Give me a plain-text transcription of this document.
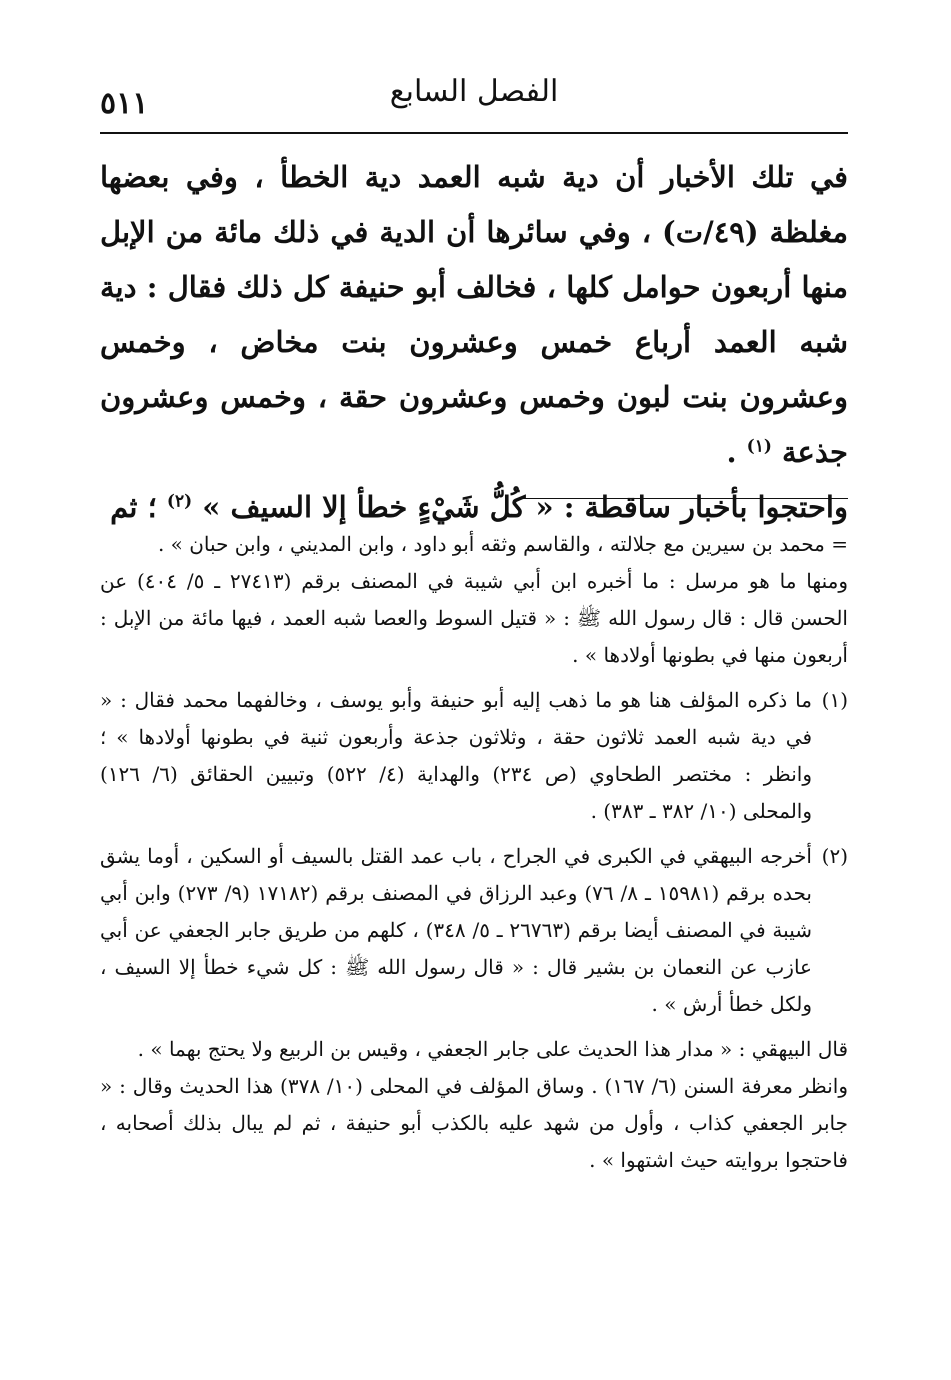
الفصل السابع
٥١١

في تلك الأخبار أن دية شبه العمد دية الخطأ ، وفي بعضها مغلظة (٤٩/ت) ، وفي سائرها أن الدية في ذلك مائة من الإبل منها أربعون حوامل كلها ، فخالف أبو حنيفة كل ذلك فقال : دية شبه العمد أرباع خمس وعشرون بنت مخاض ، وخمس وعشرون بنت لبون وخمس وعشرون حقة ، وخمس وعشرون جذعة $^{(١)}$ .

واحتجوا بأخبار ساقطة : « كُلُّ شَيْءٍ خطأ إلا السيف » $^{(٢)}$ ؛ ثم

= محمد بن سيرين مع جلالته ، والقاسم وثقه أبو داود ، وابن المديني ، وابن حبان » .

ومنها ما هو مرسل : ما أخبره ابن أبي شيبة في المصنف برقم (٢٧٤١٣ ـ ٥/ ٤٠٤) عن الحسن قال : قال رسول الله ﷺ : « قتيل السوط والعصا شبه العمد ، فيها مائة من الإبل : أربعون منها في بطونها أولادها » .

(١)

ما ذكره المؤلف هنا هو ما ذهب إليه أبو حنيفة وأبو يوسف ، وخالفهما محمد فقال : « في دية شبه العمد ثلاثون حقة ، وثلاثون جذعة وأربعون ثنية في بطونها أولادها » ؛ وانظر : مختصر الطحاوي (ص ٢٣٤) والهداية (٤/ ٥٢٢) وتبيين الحقائق (٦/ ١٢٦) والمحلى (١٠/ ٣٨٢ ـ ٣٨٣) .

(٢)

أخرجه البيهقي في الكبرى في الجراح ، باب عمد القتل بالسيف أو السكين ، أوما يشق بحده برقم (١٥٩٨١ ـ ٨/ ٧٦) وعبد الرزاق في المصنف برقم (١٧١٨٢ (٩/ ٢٧٣) وابن أبي شيبة في المصنف أيضا برقم (٢٦٧٦٣ ـ ٥/ ٣٤٨) ، كلهم من طريق جابر الجعفي عن أبي عازب عن النعمان بن بشير قال : « قال رسول الله ﷺ : كل شيء خطأ إلا السيف ، ولكل خطأ أرش » .

قال البيهقي : « مدار هذا الحديث على جابر الجعفي ، وقيس بن الربيع ولا يحتج بهما » .

وانظر معرفة السنن (٦/ ١٦٧) . وساق المؤلف في المحلى (١٠/ ٣٧٨) هذا الحديث وقال : « جابر الجعفي كذاب ، وأول من شهد عليه بالكذب أبو حنيفة ، ثم لم يبال بذلك أصحابه ، فاحتجوا بروايته حيث اشتهوا » .
